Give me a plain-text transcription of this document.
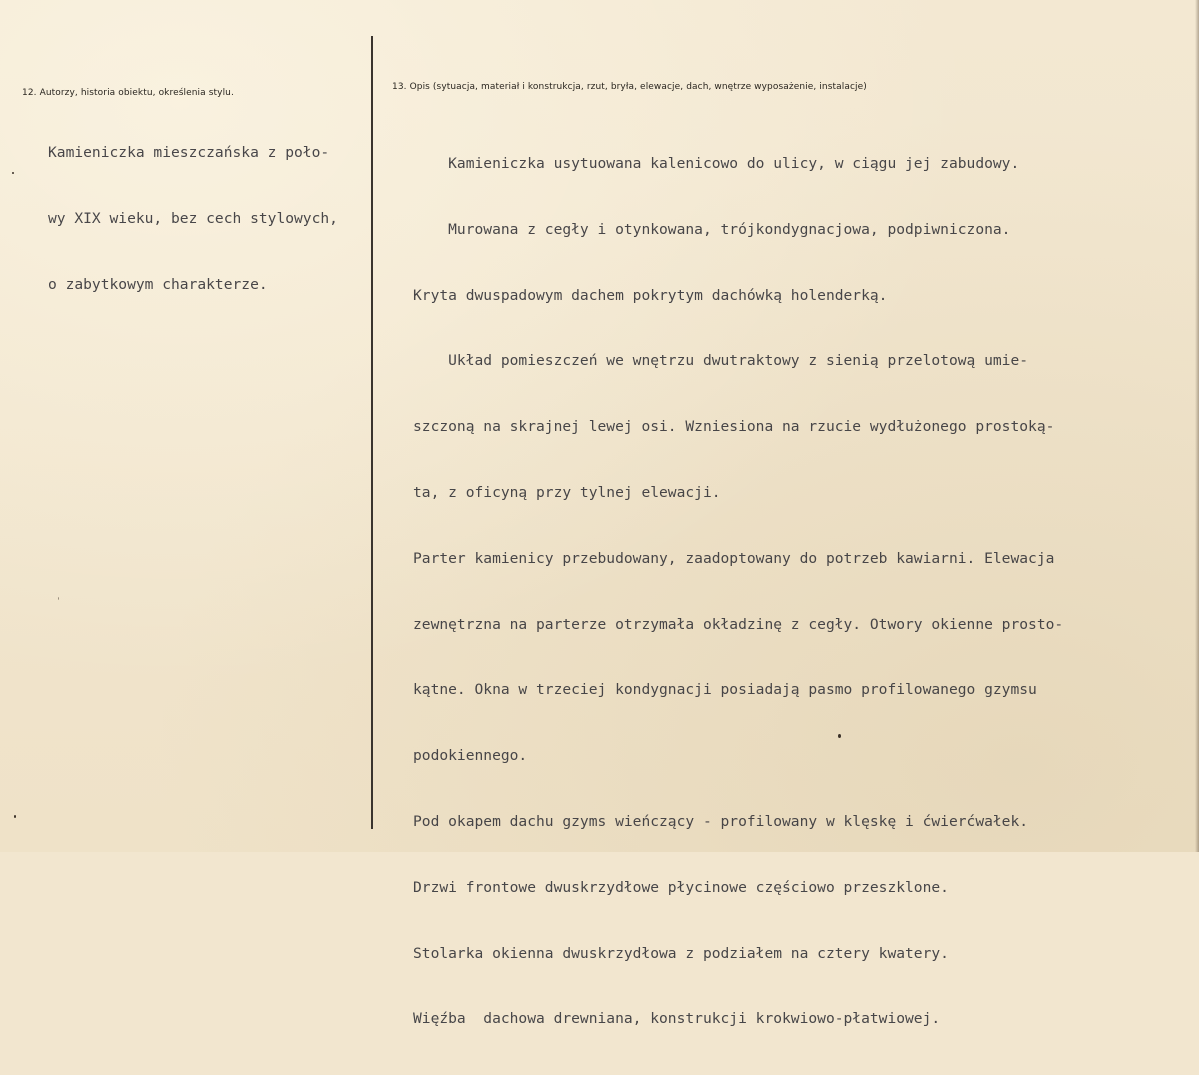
12. Autorzy, historia obiektu, określenia stylu.
13. Opis (sytuacja, materiał i konstrukcja, rzut, bryła, elewacje, dach, wnętrze wyposażenie, instalacje)

Kamieniczka mieszczańska z poło-

wy XIX wieku, bez cech stylowych,

o zabytkowym charakterze.

Kamieniczka usytuowana kalenicowo do ulicy, w ciągu jej zabudowy.

Murowana z cegły i otynkowana, trójkondygnacjowa, podpiwniczona.

Kryta dwuspadowym dachem pokrytym dachówką holenderką.

Układ pomieszczeń we wnętrzu dwutraktowy z sienią przelotową umie-

szczoną na skrajnej lewej osi. Wzniesiona na rzucie wydłużonego prostoką-

ta, z oficyną przy tylnej elewacji.

Parter kamienicy przebudowany, zaadoptowany do potrzeb kawiarni. Elewacja

zewnętrzna na parterze otrzymała okładzinę z cegły. Otwory okienne prosto-

kątne. Okna w trzeciej kondygnacji posiadają pasmo profilowanego gzymsu

podokiennego.

Pod okapem dachu gzyms wieńczący - profilowany w klęskę i ćwierćwałek.

Drzwi frontowe dwuskrzydłowe płycinowe częściowo przeszklone.

Stolarka okienna dwuskrzydłowa z podziałem na cztery kwatery.

Więźba  dachowa drewniana, konstrukcji krokwiowo-płatwiowej.
